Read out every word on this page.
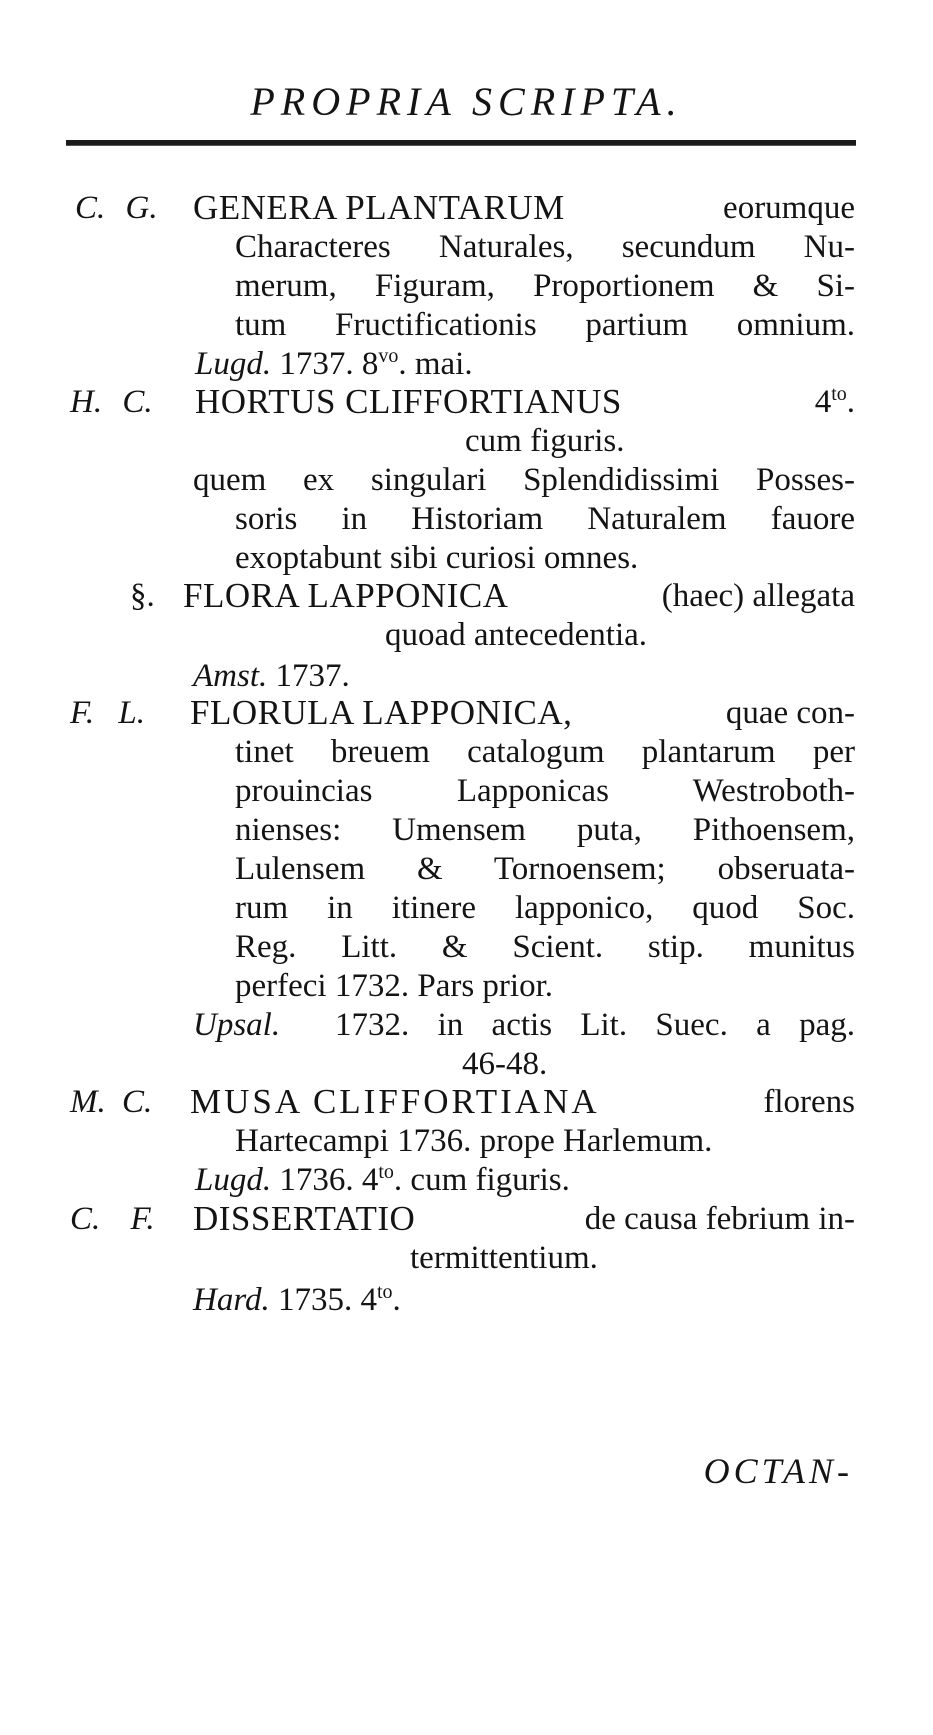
PROPRIA SCRIPTA.
C. G. GENERA PLANTARUM	eorumque
Characteres Naturales, secundum Nu-
merum, Figuram, Proportionem & Si-
tum Fructificationis partium omnium.
Lugd. 1737. $8^{vo}$. mai.
H. C. HORTUS CLIFFORTIANUS	$4^{to}$.
cum figuris.
quem ex singulari Splendidissimi Posses-
soris in Historiam Naturalem fauore
exoptabunt sibi curiosi omnes.
§. FLORA LAPPONICA	(haec) allegata
quoad antecedentia.
Amst. 1737.
F. L. FLORULA LAPPONICA,	quae con-
tinet breuem catalogum plantarum per
prouincias Lapponicas Westroboth-
nienses: Umensem puta, Pithoensem,
Lulensem & Tornoensem; obseruata-
rum in itinere lapponico, quod Soc.
Reg. Litt. & Scient. stip. munitus
perfeci 1732. Pars prior.
Upsal. 1732. in actis Lit. Suec. a pag.
46-48.
M. C. MUSA CLIFFORTIANA	florens
Hartecampi 1736. prope Harlemum.
Lugd. 1736. $4^{to}$. cum figuris.
C. F. DISSERTATIO	de causa febrium in-
termittentium.
Hard. 1735. $4^{to}$.
OCTAN-
